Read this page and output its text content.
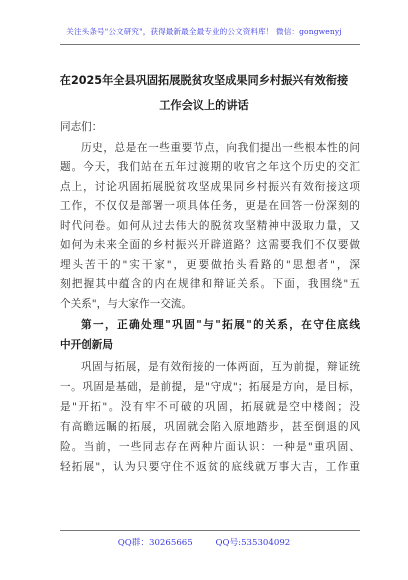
关注头条号"公文研究"，获得最新最全最专业的公文资料库！ 微信：gongwenyj
在2025年全县巩固拓展脱贫攻坚成果同乡村振兴有效衔接
工作会议上的讲话
同志们：
历史，总是在一些重要节点，向我们提出一些根本性的问
题。今天，我们站在五年过渡期的收官之年这个历史的交汇
点上，讨论巩固拓展脱贫攻坚成果同乡村振兴有效衔接这项
工作，不仅仅是部署一项具体任务，更是在回答一份深刻的
时代问卷。如何从过去伟大的脱贫攻坚精神中汲取力量，又
如何为未来全面的乡村振兴开辟道路？这需要我们不仅要做
埋头苦干的"实干家"，更要做抬头看路的"思想者"，深
刻把握其中蕴含的内在规律和辩证关系。下面，我围绕"五
个关系"，与大家作一交流。
第一，正确处理"巩固"与"拓展"的关系，在守住底线
中开创新局
巩固与拓展，是有效衔接的一体两面，互为前提，辩证统
一。巩固是基础，是前提，是"守成"；拓展是方向，是目标，
是"开拓"。没有牢不可破的巩固，拓展就是空中楼阁；没
有高瞻远瞩的拓展，巩固就会陷入原地踏步，甚至倒退的风
险。当前，一些同志存在两种片面认识：一种是"重巩固、
轻拓展"，认为只要守住不返贫的底线就万事大吉，工作重
QQ群：30265665	QQ号:535304092
